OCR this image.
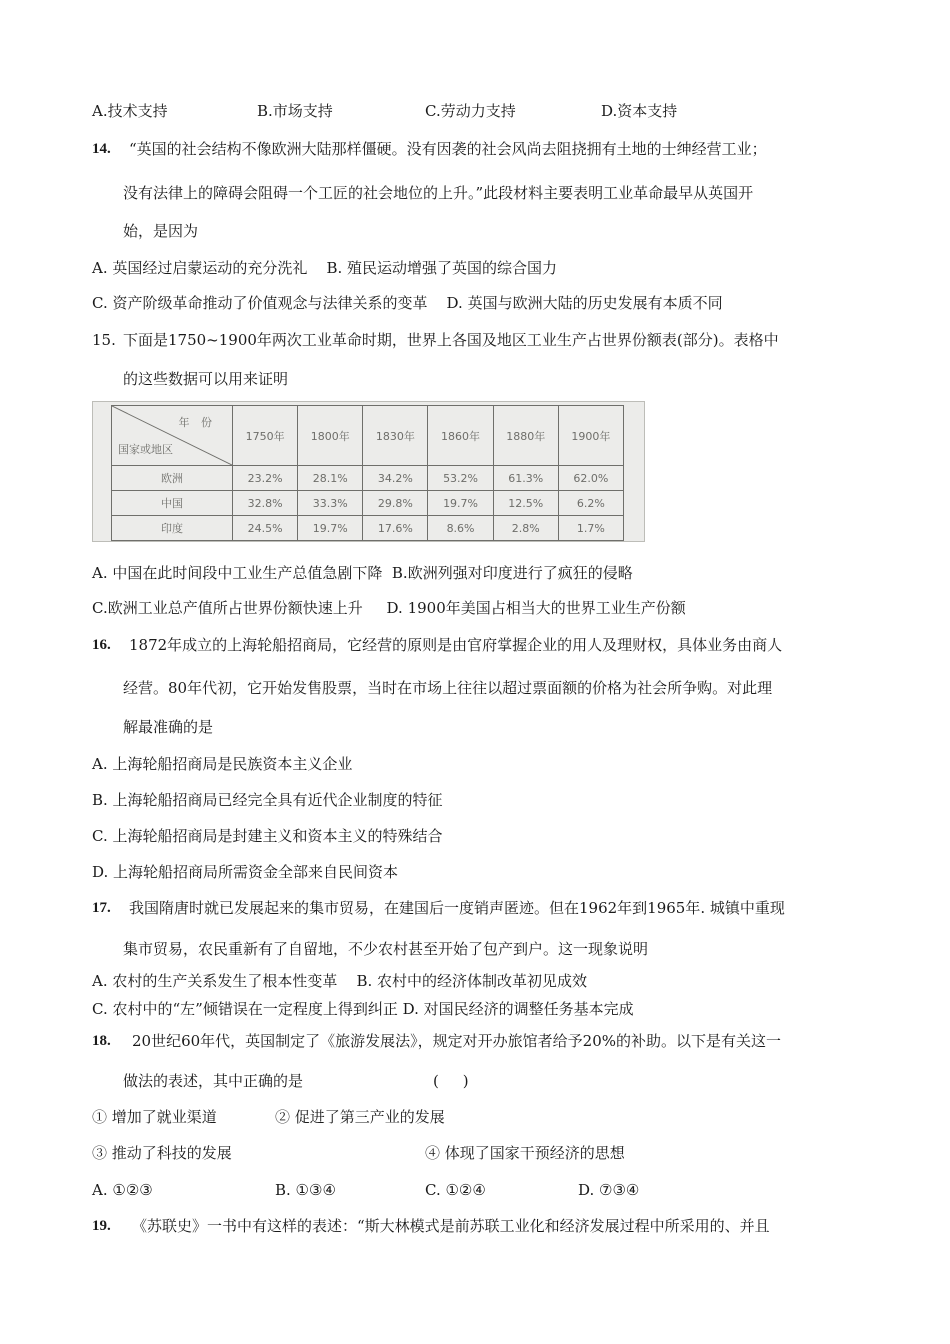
A.技术支持	B.市场支持	C.劳动力支持	D.资本支持
14. “英国的社会结构不像欧洲大陆那样僵硬。没有因袭的社会风尚去阻挠拥有土地的士绅经营工业；
没有法律上的障碍会阻碍一个工匠的社会地位的上升。”此段材料主要表明工业革命最早从英国开
始，是因为
A. 英国经过启蒙运动的充分洗礼    B. 殖民运动增强了英国的综合国力
C. 资产阶级革命推动了价值观念与法律关系的变革    D. 英国与欧洲大陆的历史发展有本质不同
15. 下面是1750~1900年两次工业革命时期，世界上各国及地区工业生产占世界份额表(部分)。表格中
的这些数据可以用来证明
年 份
国家或地区	1750年	1800年	1830年	1860年	1880年	1900年
欧洲	23.2%	28.1%	34.2%	53.2%	61.3%	62.0%
中国	32.8%	33.3%	29.8%	19.7%	12.5%	6.2%
印度	24.5%	19.7%	17.6%	8.6%	2.8%	1.7%
A. 中国在此时间段中工业生产总值急剧下降  B.欧洲列强对印度进行了疯狂的侵略
C.欧洲工业总产值所占世界份额快速上升     D. 1900年美国占相当大的世界工业生产份额
16. 1872年成立的上海轮船招商局，它经营的原则是由官府掌握企业的用人及理财权，具体业务由商人
经营。80年代初，它开始发售股票，当时在市场上往往以超过票面额的价格为社会所争购。对此理
解最准确的是
A. 上海轮船招商局是民族资本主义企业
B. 上海轮船招商局已经完全具有近代企业制度的特征
C. 上海轮船招商局是封建主义和资本主义的特殊结合
D. 上海轮船招商局所需资金全部来自民间资本
17. 我国隋唐时就已发展起来的集市贸易，在建国后一度销声匿迹。但在1962年到1965年. 城镇中重现
集市贸易，农民重新有了自留地，不少农村甚至开始了包产到户。这一现象说明
A. 农村的生产关系发生了根本性变革    B. 农村中的经济体制改革初见成效
C. 农村中的“左”倾错误在一定程度上得到纠正 D. 对国民经济的调整任务基本完成
18. 20世纪60年代，英国制定了《旅游发展法》，规定对开办旅馆者给予20%的补助。以下是有关这一
做法的表述，其中正确的是	(     )
① 增加了就业渠道	② 促进了第三产业的发展
③ 推动了科技的发展	④ 体现了国家干预经济的思想
A. ①②③	B. ①③④	C. ①②④	D. ⑦③④
19. 《苏联史》一书中有这样的表述：“斯大林模式是前苏联工业化和经济发展过程中所采用的、并且
